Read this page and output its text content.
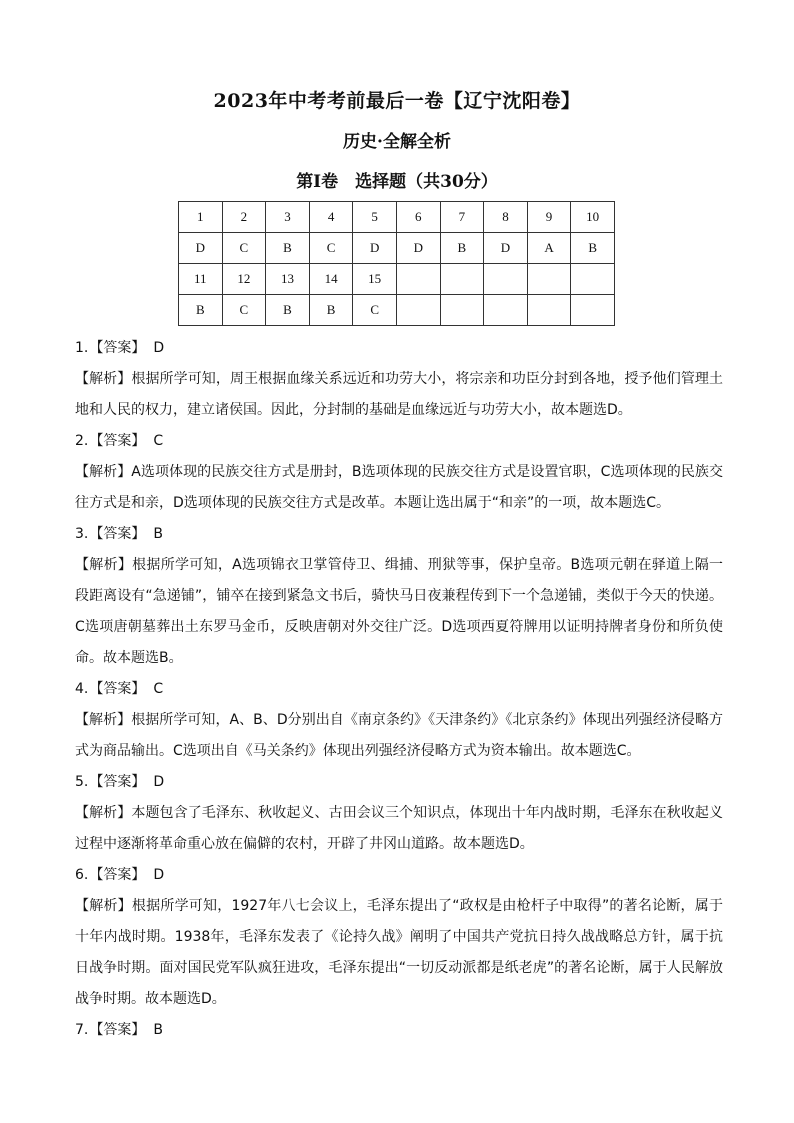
2023年中考考前最后一卷【辽宁沈阳卷】
历史·全解全析
第Ⅰ卷　选择题（共30分）
1	2	3	4	5	6	7	8	9	10
D	C	B	C	D	D	B	D	A	B
11	12	13	14	15					
B	C	B	B	C					
1.【答案】 D
【解析】根据所学可知，周王根据血缘关系远近和功劳大小，将宗亲和功臣分封到各地，授予他们管理土地和人民的权力，建立诸侯国。因此，分封制的基础是血缘远近与功劳大小，故本题选D。
2.【答案】 C
【解析】A选项体现的民族交往方式是册封，B选项体现的民族交往方式是设置官职，C选项体现的民族交往方式是和亲，D选项体现的民族交往方式是改革。本题让选出属于“和亲”的一项，故本题选C。
3.【答案】 B
【解析】根据所学可知，A选项锦衣卫掌管侍卫、缉捕、刑狱等事，保护皇帝。B选项元朝在驿道上隔一段距离设有“急递铺”，铺卒在接到紧急文书后，骑快马日夜兼程传到下一个急递铺，类似于今天的快递。C选项唐朝墓葬出土东罗马金币，反映唐朝对外交往广泛。D选项西夏符牌用以证明持牌者身份和所负使命。故本题选B。
4.【答案】 C
【解析】根据所学可知，A、B、D分别出自《南京条约》《天津条约》《北京条约》体现出列强经济侵略方式为商品输出。C选项出自《马关条约》体现出列强经济侵略方式为资本输出。故本题选C。
5.【答案】 D
【解析】本题包含了毛泽东、秋收起义、古田会议三个知识点，体现出十年内战时期，毛泽东在秋收起义过程中逐渐将革命重心放在偏僻的农村，开辟了井冈山道路。故本题选D。
6.【答案】 D
【解析】根据所学可知，1927年八七会议上，毛泽东提出了“政权是由枪杆子中取得”的著名论断，属于十年内战时期。1938年，毛泽东发表了《论持久战》阐明了中国共产党抗日持久战战略总方针，属于抗日战争时期。面对国民党军队疯狂进攻，毛泽东提出“一切反动派都是纸老虎”的著名论断，属于人民解放战争时期。故本题选D。
7.【答案】 B
